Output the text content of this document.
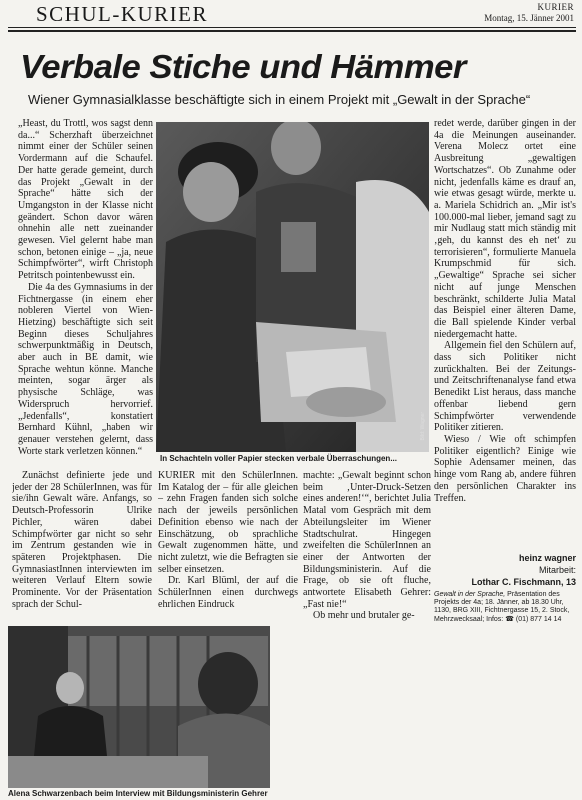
SCHUL-KURIER	KURIER
Montag, 15. Jänner 2001
Verbale Stiche und Hämmer
Wiener Gymnasialklasse beschäftigte sich in einem Projekt mit „Gewalt in der Sprache“

„Heast, du Trottl, wos sagst denn da...“ Scherzhaft überzeichnet nimmt einer der Schüler seinen Vordermann auf die Schaufel. Der hatte gerade gemeint, durch das Projekt „Gewalt in der Sprache“ hätte sich der Umgangston in der Klasse nicht geändert. Schon davor wären ohnehin alle nett zueinander gewesen. Viel gelernt habe man schon, betonen einige – „ja, neue Schimpfwörter“, wirft Christoph Petritsch pointenbewusst ein.

Die 4a des Gymnasiums in der Fichtnergasse (in einem eher nobleren Viertel von Wien-Hietzing) beschäftigte sich seit Beginn dieses Schuljahres schwerpunktmäßig in Deutsch, aber auch in BE damit, wie Sprache wehtun könne. Manche meinten, sogar ärger als physische Schläge, was Widerspruch hervorrief. „Jedenfalls“, konstatiert Bernhard Kühnl, „haben wir genauer verstehen gelernt, dass Worte stark verletzen können.“

Zunächst definierte jede und jeder der 28 SchülerInnen, was für sie/ihn Gewalt wäre. Anfangs, so Deutsch-Professorin Ulrike Pichler, wären dabei Schimpfwörter gar nicht so sehr im Zentrum gestanden wie in späteren Projektphasen. Die GymnasiastInnen interviewten im weiteren Verlauf Eltern sowie Prominente. Vor der Präsentation sprach der Schul-

Bild: Wagner
In Schachteln voller Papier stecken verbale Überraschungen...

KURIER mit den SchülerInnen. Im Katalog der – für alle gleichen – zehn Fragen fanden sich solche nach der jeweils persönlichen Definition ebenso wie nach der Einschätzung, ob sprachliche Gewalt zugenommen hätte, und nicht zuletzt, wie die Befragten sie selber einsetzen.

Dr. Karl Blüml, der auf die SchülerInnen einen durchwegs ehrlichen Eindruck

machte: „Gewalt beginnt schon beim ‚Unter-Druck-Setzen eines anderen!‘“, berichtet Julia Matal vom Gespräch mit dem Abteilungsleiter im Wiener Stadtschulrat. Hingegen zweifelten die SchülerInnen an einer der Antworten der Bildungsministerin. Auf die Frage, ob sie oft fluche, antwortete Elisabeth Gehrer: „Fast nie!“

Ob mehr und brutaler ge-

redet werde, darüber gingen in der 4a die Meinungen auseinander. Verena Molecz ortet eine Ausbreitung „gewaltigen Wortschatzes“. Ob Zunahme oder nicht, jedenfalls käme es drauf an, wie etwas gesagt würde, merkte u. a. Mariela Schidrich an. „Mir ist's 100.000-mal lieber, jemand sagt zu mir Nudlaug statt mich ständig mit ‚geh, du kannst des eh net‘ zu terrorisieren“, formulierte Manuela Krumpschmid für sich. „Gewaltige“ Sprache sei sicher nicht auf junge Menschen beschränkt, schilderte Julia Matal das Beispiel einer älteren Dame, die Ball spielende Kinder verbal niedergemacht hatte.

Allgemein fiel den Schülern auf, dass sich Politiker nicht zurückhalten. Bei der Zeitungs- und Zeitschriftenanalyse fand etwa Benedikt List heraus, dass manche offenbar liebend gern Schimpfwörter verwendende Politiker zitieren.

Wieso / Wie oft schimpfen Politiker eigentlich? Einige wie Sophie Adensamer meinen, das hinge vom Rang ab, andere führen den persönlichen Charakter ins Treffen.

heinz wagner
Mitarbeit:
Lothar C. Fischmann, 13
Gewalt in der Sprache, Präsentation des Projekts der 4a; 18. Jänner, ab 18.30 Uhr, 1130, BRG XIII, Fichtnergasse 15, 2. Stock, Mehrzwecksaal; Infos: ☎ (01) 877 14 14
Alena Schwarzenbach beim Interview mit Bildungsministerin Gehrer
